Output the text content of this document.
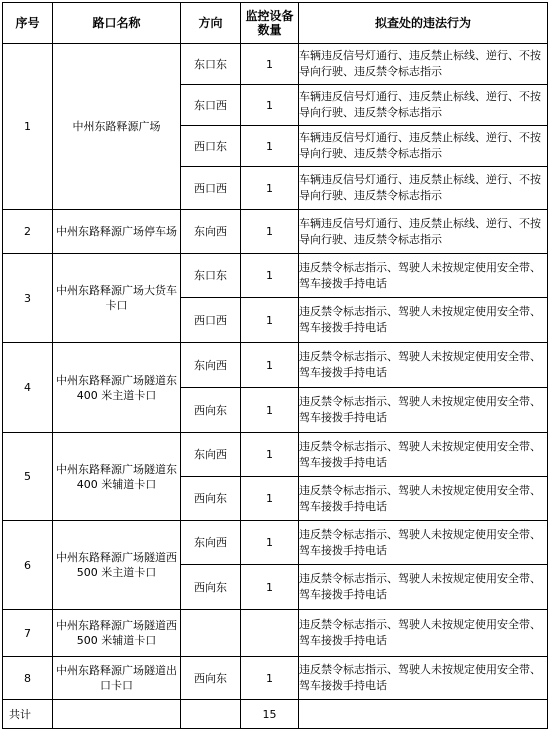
序号	路口名称	方向	监控设备数量	拟查处的违法行为
1	中州东路释源广场	东口东	1	车辆违反信号灯通行、违反禁止标线、逆行、不按导向行驶、违反禁令标志指示
		东口西	1	车辆违反信号灯通行、违反禁止标线、逆行、不按导向行驶、违反禁令标志指示
		西口东	1	车辆违反信号灯通行、违反禁止标线、逆行、不按导向行驶、违反禁令标志指示
		西口西	1	车辆违反信号灯通行、违反禁止标线、逆行、不按导向行驶、违反禁令标志指示
2	中州东路释源广场停车场	东向西	1	车辆违反信号灯通行、违反禁止标线、逆行、不按导向行驶、违反禁令标志指示
3	中州东路释源广场大货车卡口	东口东	1	违反禁令标志指示、驾驶人未按规定使用安全带、驾车接拨手持电话
		西口西	1	违反禁令标志指示、驾驶人未按规定使用安全带、驾车接拨手持电话
4	中州东路释源广场隧道东 400 米主道卡口	东向西	1	违反禁令标志指示、驾驶人未按规定使用安全带、驾车接拨手持电话
		西向东	1	违反禁令标志指示、驾驶人未按规定使用安全带、驾车接拨手持电话
5	中州东路释源广场隧道东 400 米辅道卡口	东向西	1	违反禁令标志指示、驾驶人未按规定使用安全带、驾车接拨手持电话
		西向东	1	违反禁令标志指示、驾驶人未按规定使用安全带、驾车接拨手持电话
6	中州东路释源广场隧道西 500 米主道卡口	东向西	1	违反禁令标志指示、驾驶人未按规定使用安全带、驾车接拨手持电话
		西向东	1	违反禁令标志指示、驾驶人未按规定使用安全带、驾车接拨手持电话
7	中州东路释源广场隧道西 500 米辅道卡口			违反禁令标志指示、驾驶人未按规定使用安全带、驾车接拨手持电话
8	中州东路释源广场隧道出口卡口	西向东	1	违反禁令标志指示、驾驶人未按规定使用安全带、驾车接拨手持电话
共计			15	
